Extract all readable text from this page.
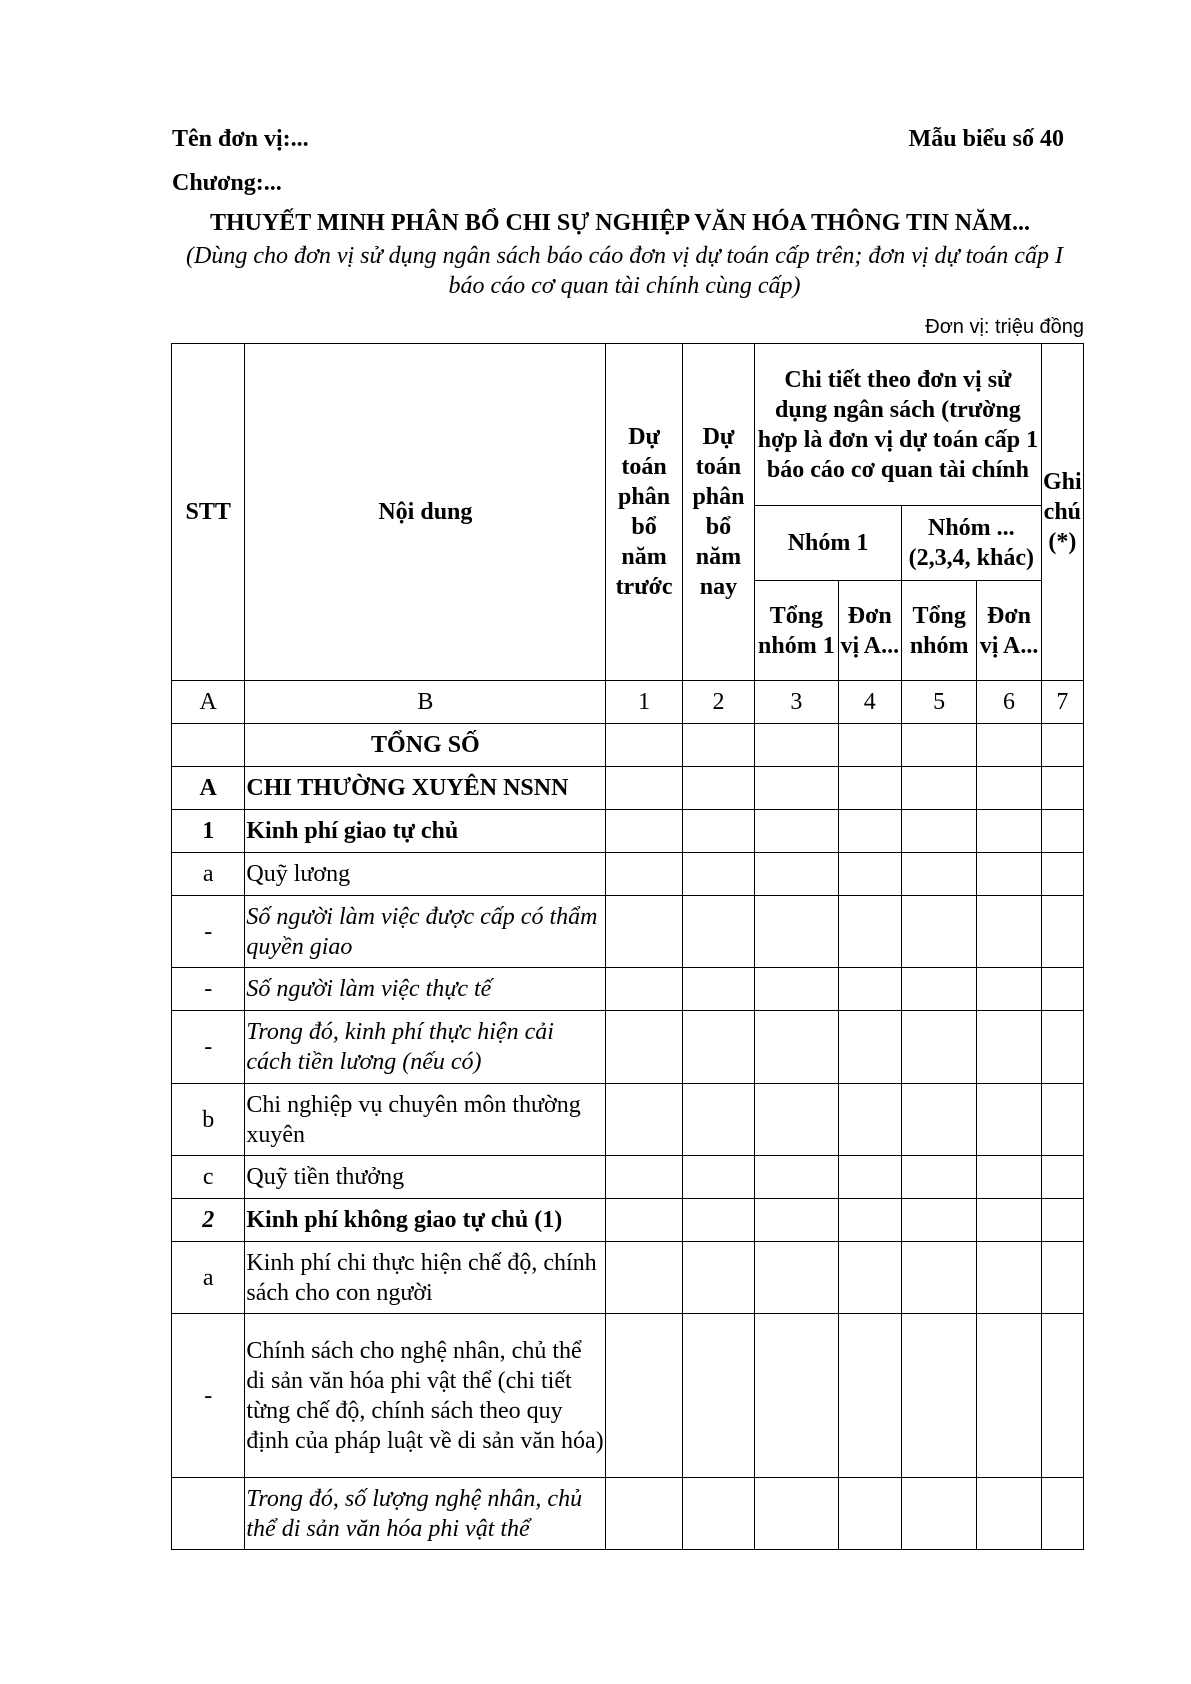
Tên đơn vị:...	Mẫu biểu số 40
Chương:...
THUYẾT MINH PHÂN BỔ CHI SỰ NGHIỆP VĂN HÓA THÔNG TIN NĂM...
(Dùng cho đơn vị sử dụng ngân sách báo cáo đơn vị dự toán cấp trên; đơn vị dự toán cấp I báo cáo cơ quan tài chính cùng cấp)
Đơn vị: triệu đồng
STT	Nội dung	Dự toán phân bổ năm trước	Dự toán phân bổ năm nay	Chi tiết theo đơn vị sử dụng ngân sách (trường hợp là đơn vị dự toán cấp 1 báo cáo cơ quan tài chính				Ghi chú (*)
				Nhóm 1		Nhóm ... (2,3,4, khác)		
				Tổng nhóm 1	Đơn vị A...	Tổng nhóm	Đơn vị A...	
A	B	1	2	3	4	5	6	7
	TỔNG SỐ							
A	CHI THƯỜNG XUYÊN NSNN							
1	Kinh phí giao tự chủ							
a	Quỹ lương							
-	Số người làm việc được cấp có thẩm quyền giao							
-	Số người làm việc thực tế							
-	Trong đó, kinh phí thực hiện cải cách tiền lương (nếu có)							
b	Chi nghiệp vụ chuyên môn thường xuyên							
c	Quỹ tiền thưởng							
2	Kinh phí không giao tự chủ (1)							
a	Kinh phí chi thực hiện chế độ, chính sách cho con người							
-	Chính sách cho nghệ nhân, chủ thể di sản văn hóa phi vật thể (chi tiết từng chế độ, chính sách theo quy định của pháp luật về di sản văn hóa)							
	Trong đó, số lượng nghệ nhân, chủ thể di sản văn hóa phi vật thể							
